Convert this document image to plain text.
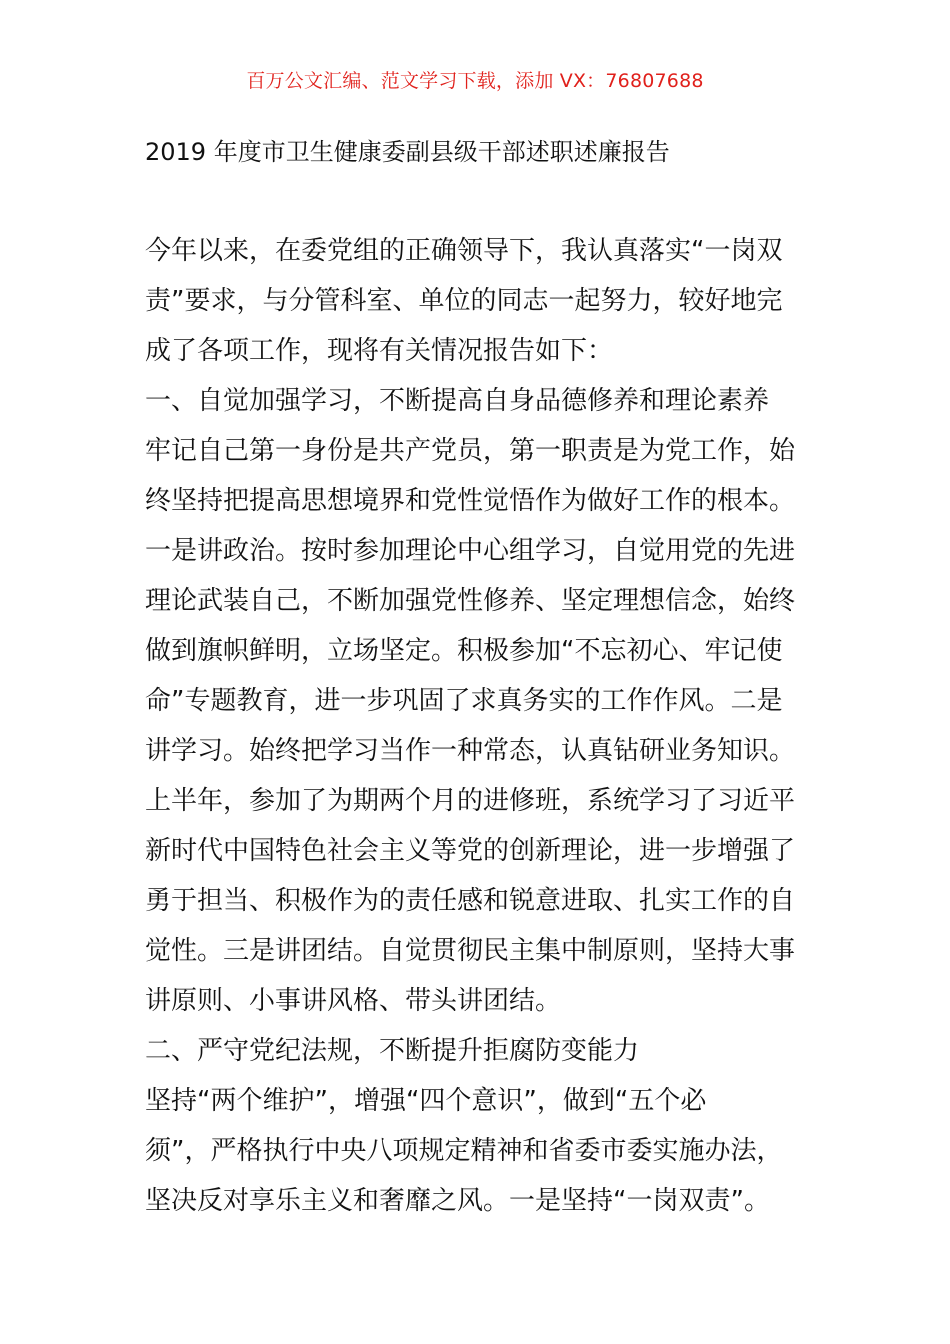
百万公文汇编、范文学习下载，添加 VX：76807688
2019 年度市卫生健康委副县级干部述职述廉报告
今年以来，在委党组的正确领导下，我认真落实“一岗双
责”要求，与分管科室、单位的同志一起努力，较好地完
成了各项工作，现将有关情况报告如下：
一、自觉加强学习，不断提高自身品德修养和理论素养
牢记自己第一身份是共产党员，第一职责是为党工作，始
终坚持把提高思想境界和党性觉悟作为做好工作的根本。
一是讲政治。按时参加理论中心组学习，自觉用党的先进
理论武装自己，不断加强党性修养、坚定理想信念，始终
做到旗帜鲜明，立场坚定。积极参加“不忘初心、牢记使
命”专题教育，进一步巩固了求真务实的工作作风。二是
讲学习。始终把学习当作一种常态，认真钻研业务知识。
上半年，参加了为期两个月的进修班，系统学习了习近平
新时代中国特色社会主义等党的创新理论，进一步增强了
勇于担当、积极作为的责任感和锐意进取、扎实工作的自
觉性。三是讲团结。自觉贯彻民主集中制原则，坚持大事
讲原则、小事讲风格、带头讲团结。
二、严守党纪法规，不断提升拒腐防变能力
坚持“两个维护”，增强“四个意识”，做到“五个必
须”，严格执行中央八项规定精神和省委市委实施办法，
坚决反对享乐主义和奢靡之风。一是坚持“一岗双责”。
